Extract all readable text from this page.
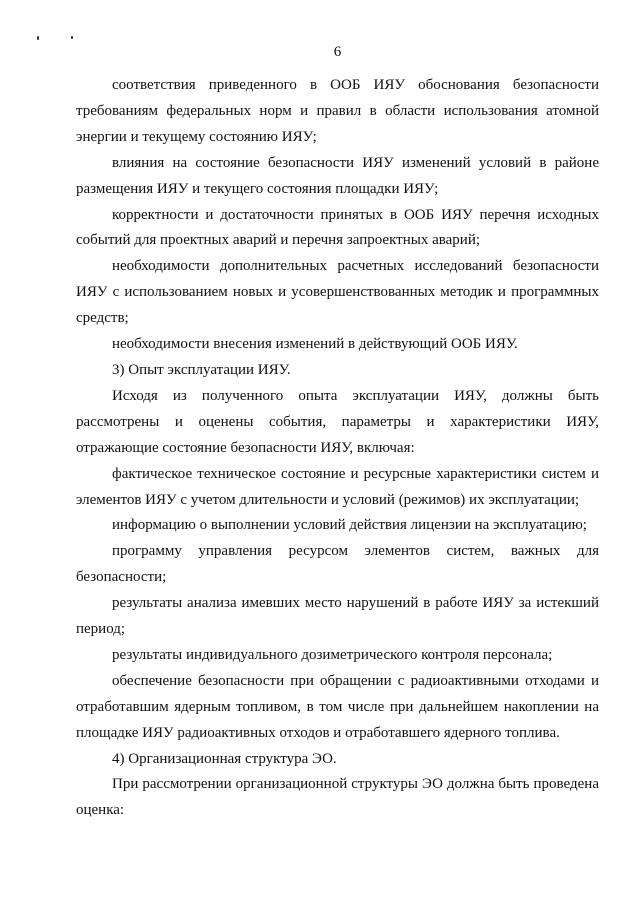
6
соответствия приведенного в ООБ ИЯУ обоснования безопасности
требованиям федеральных норм и правил в области использования атомной
энергии и текущему состоянию ИЯУ;
влияния на состояние безопасности ИЯУ изменений условий в районе
размещения ИЯУ и текущего состояния площадки ИЯУ;
корректности и достаточности принятых в ООБ ИЯУ перечня исходных
событий для проектных аварий и перечня запроектных аварий;
необходимости дополнительных расчетных исследований безопасности
ИЯУ с использованием новых и усовершенствованных методик и программных
средств;
необходимости внесения изменений в действующий ООБ ИЯУ.
3) Опыт эксплуатации ИЯУ.
Исходя из полученного опыта эксплуатации ИЯУ, должны быть
рассмотрены и оценены события, параметры и характеристики ИЯУ,
отражающие состояние безопасности ИЯУ, включая:
фактическое техническое состояние и ресурсные характеристики систем и
элементов ИЯУ с учетом длительности и условий (режимов) их эксплуатации;
информацию о выполнении условий действия лицензии на эксплуатацию;
программу управления ресурсом элементов систем, важных для
безопасности;
результаты анализа имевших место нарушений в работе ИЯУ за истекший
период;
результаты индивидуального дозиметрического контроля персонала;
обеспечение безопасности при обращении с радиоактивными отходами и
отработавшим ядерным топливом, в том числе при дальнейшем накоплении на
площадке ИЯУ радиоактивных отходов и отработавшего ядерного топлива.
4) Организационная структура ЭО.
При рассмотрении организационной структуры ЭО должна быть проведена
оценка:
